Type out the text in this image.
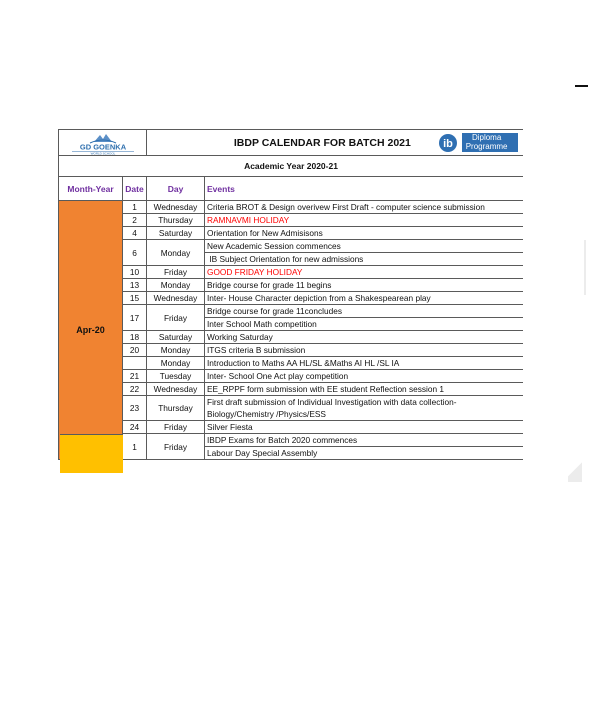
GD GOENKA
WORLD SCHOOL		IBDP CALENDAR FOR BATCH 2021 ib Diploma
Programme	

Academic Year 2020-21			
Month-Year	Date	Day	Events
Apr-20	1	Wednesday	Criteria BROT & Design overivew First Draft - computer science submission
	2	Thursday	RAMNAVMI HOLIDAY
	4	Saturday	Orientation for New Admisisons
	6	Monday	New Academic Session commences
			IB Subject Orientation for new admissions
	10	Friday	GOOD FRIDAY HOLIDAY
	13	Monday	Bridge course for grade 11 begins
	15	Wednesday	Inter- House Character depiction from a Shakespearean play
	17	Friday	Bridge course for grade 11concludes
			Inter School Math competition
	18	Saturday	Working Saturday
	20	Monday	ITGS criteria B submission
		Monday	Introduction to Maths AA HL/SL &Maths AI HL /SL IA
	21	Tuesday	Inter- School One Act play competition
	22	Wednesday	EE_RPPF form submission with EE student Reflection session 1
	23	Thursday	First draft submission of Individual Investigation with data collection-
			Biology/Chemistry /Physics/ESS
	24	Friday	Silver Fiesta
	1	Friday	IBDP Exams for Batch 2020 commences
			Labour Day Special Assembly
